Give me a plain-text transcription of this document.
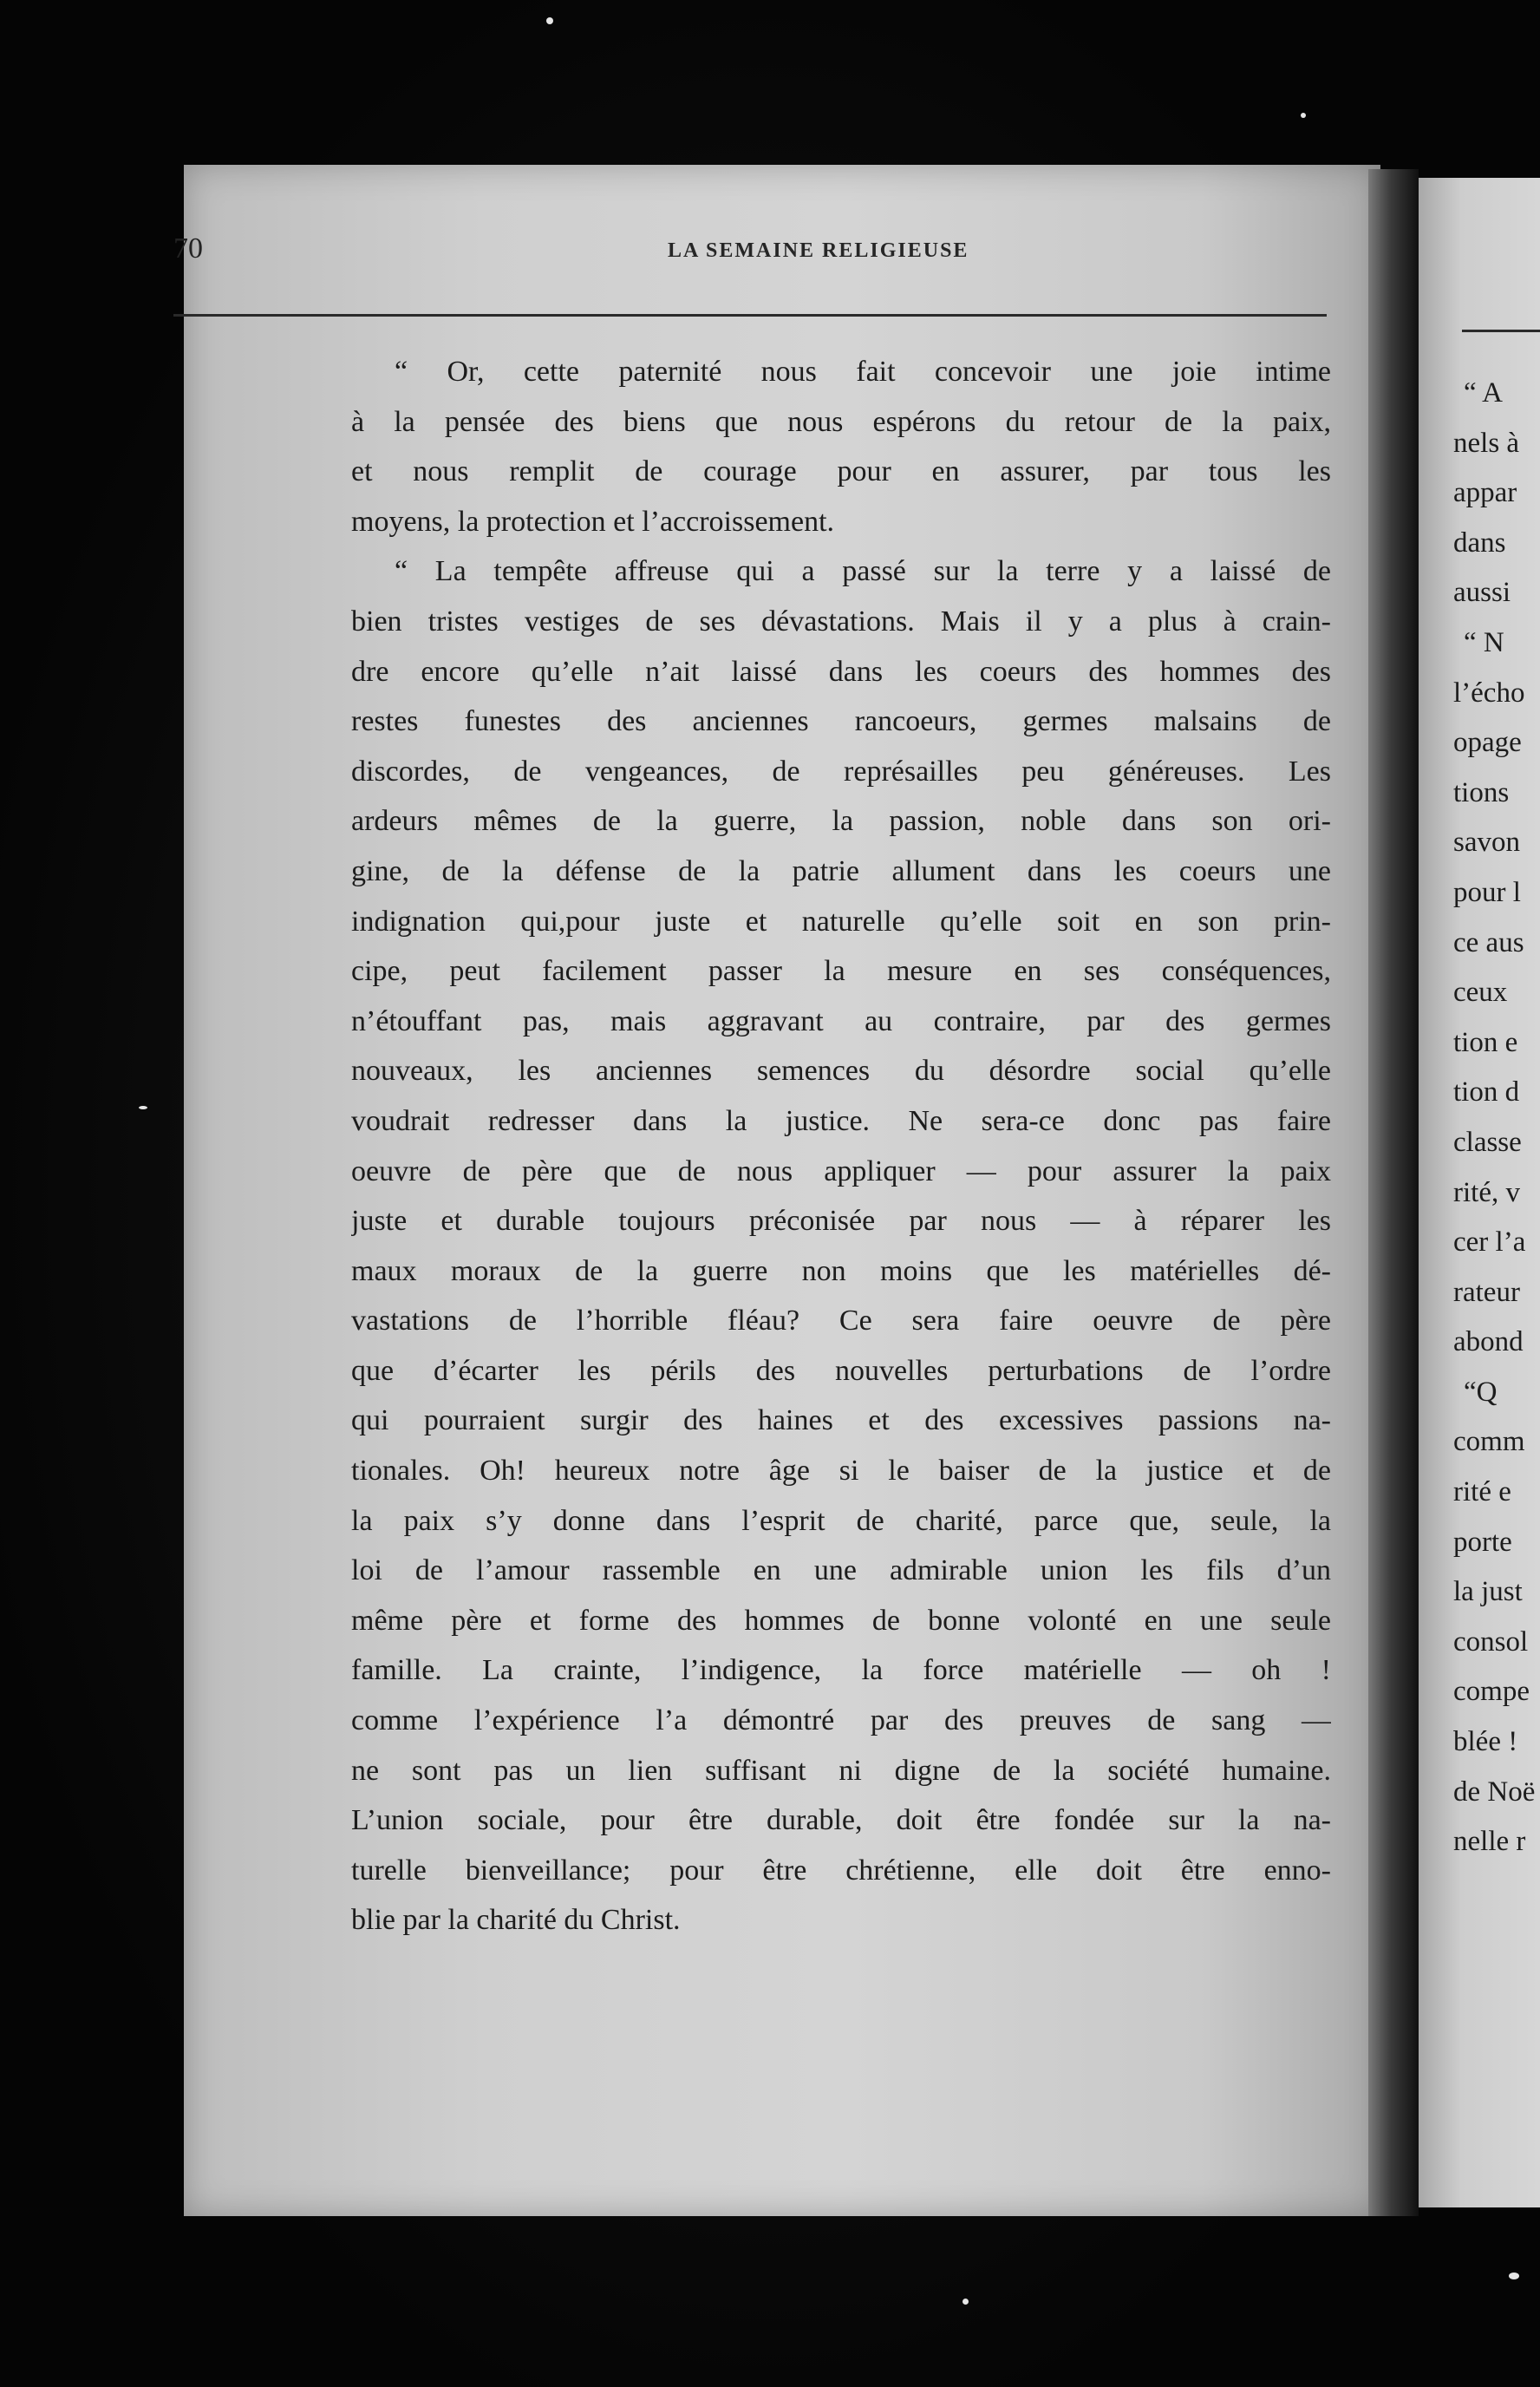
“ A
nels à
appar
dans
aussi
“ N
l’écho
opage
tions
savon
pour l
ce aus
ceux
tion e
tion d
classe
rité, v
cer l’a
rateur
abond
“Q
comm
rité e
porte
la just
consol
compe
blée !
de Noë
nelle r
70	LA SEMAINE RELIGIEUSE
“ Or, cette paternité nous fait concevoir une joie intime
à la pensée des biens que nous espérons du retour de la paix,
et nous remplit de courage pour en assurer, par tous les
moyens, la protection et l’accroissement.
“ La tempête affreuse qui a passé sur la terre y a laissé de
bien tristes vestiges de ses dévastations. Mais il y a plus à crain-
dre encore qu’elle n’ait laissé dans les coeurs des hommes des
restes funestes des anciennes rancoeurs, germes malsains de
discordes, de vengeances, de représailles peu généreuses. Les
ardeurs mêmes de la guerre, la passion, noble dans son ori-
gine, de la défense de la patrie allument dans les coeurs une
indignation qui,pour juste et naturelle qu’elle soit en son prin-
cipe, peut facilement passer la mesure en ses conséquences,
n’étouffant pas, mais aggravant au contraire, par des germes
nouveaux, les anciennes semences du désordre social qu’elle
voudrait redresser dans la justice. Ne sera-ce donc pas faire
oeuvre de père que de nous appliquer — pour assurer la paix
juste et durable toujours préconisée par nous — à réparer les
maux moraux de la guerre non moins que les matérielles dé-
vastations de l’horrible fléau? Ce sera faire oeuvre de père
que d’écarter les périls des nouvelles perturbations de l’ordre
qui pourraient surgir des haines et des excessives passions na-
tionales. Oh! heureux notre âge si le baiser de la justice et de
la paix s’y donne dans l’esprit de charité, parce que, seule, la
loi de l’amour rassemble en une admirable union les fils d’un
même père et forme des hommes de bonne volonté en une seule
famille. La crainte, l’indigence, la force matérielle — oh !
comme l’expérience l’a démontré par des preuves de sang —
ne sont pas un lien suffisant ni digne de la société humaine.
L’union sociale, pour être durable, doit être fondée sur la na-
turelle bienveillance; pour être chrétienne, elle doit être enno-
blie par la charité du Christ.
